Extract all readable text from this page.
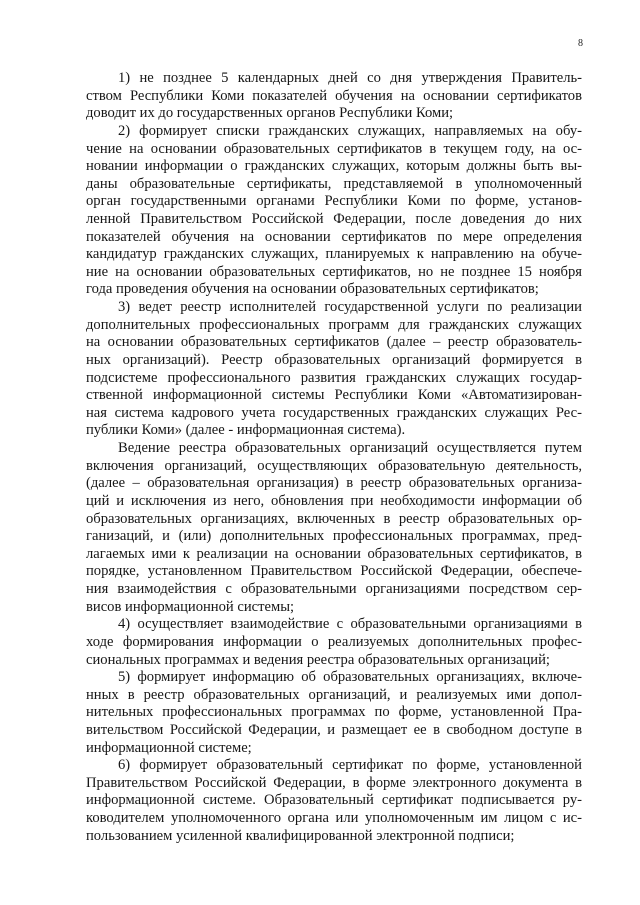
8
1) не позднее 5 календарных дней со дня утверждения Правитель-
ством Республики Коми показателей обучения на основании сертификатов
доводит их до государственных органов Республики Коми;
2) формирует списки гражданских служащих, направляемых на обу-
чение на основании образовательных сертификатов в текущем году, на ос-
новании информации о гражданских служащих, которым должны быть вы-
даны образовательные сертификаты, представляемой в уполномоченный
орган государственными органами Республики Коми по форме, установ-
ленной Правительством Российской Федерации, после доведения до них
показателей обучения на основании сертификатов по мере определения
кандидатур гражданских служащих, планируемых к направлению на обуче-
ние на основании образовательных сертификатов, но не позднее 15 ноября
года проведения обучения на основании образовательных сертификатов;
3) ведет реестр исполнителей государственной услуги по реализации
дополнительных профессиональных программ для гражданских служащих
на основании образовательных сертификатов (далее – реестр образователь-
ных организаций). Реестр образовательных организаций формируется в
подсистеме профессионального развития гражданских служащих государ-
ственной информационной системы Республики Коми «Автоматизирован-
ная система кадрового учета государственных гражданских служащих Рес-
публики Коми» (далее - информационная система).
Ведение реестра образовательных организаций осуществляется путем
включения организаций, осуществляющих образовательную деятельность,
(далее – образовательная организация) в реестр образовательных организа-
ций и исключения из него, обновления при необходимости информации об
образовательных организациях, включенных в реестр образовательных ор-
ганизаций, и (или) дополнительных профессиональных программах, пред-
лагаемых ими к реализации на основании образовательных сертификатов, в
порядке, установленном Правительством Российской Федерации, обеспече-
ния взаимодействия с образовательными организациями посредством сер-
висов информационной системы;
4) осуществляет взаимодействие с образовательными организациями в
ходе формирования информации о реализуемых дополнительных профес-
сиональных программах и ведения реестра образовательных организаций;
5) формирует информацию об образовательных организациях, включе-
нных в реестр образовательных организаций, и реализуемых ими допол-
нительных профессиональных программах по форме, установленной Пра-
вительством Российской Федерации, и размещает ее в свободном доступе в
информационной системе;
6) формирует образовательный сертификат по форме, установленной
Правительством Российской Федерации, в форме электронного документа в
информационной системе. Образовательный сертификат подписывается ру-
ководителем уполномоченного органа или уполномоченным им лицом с ис-
пользованием усиленной квалифицированной электронной подписи;
